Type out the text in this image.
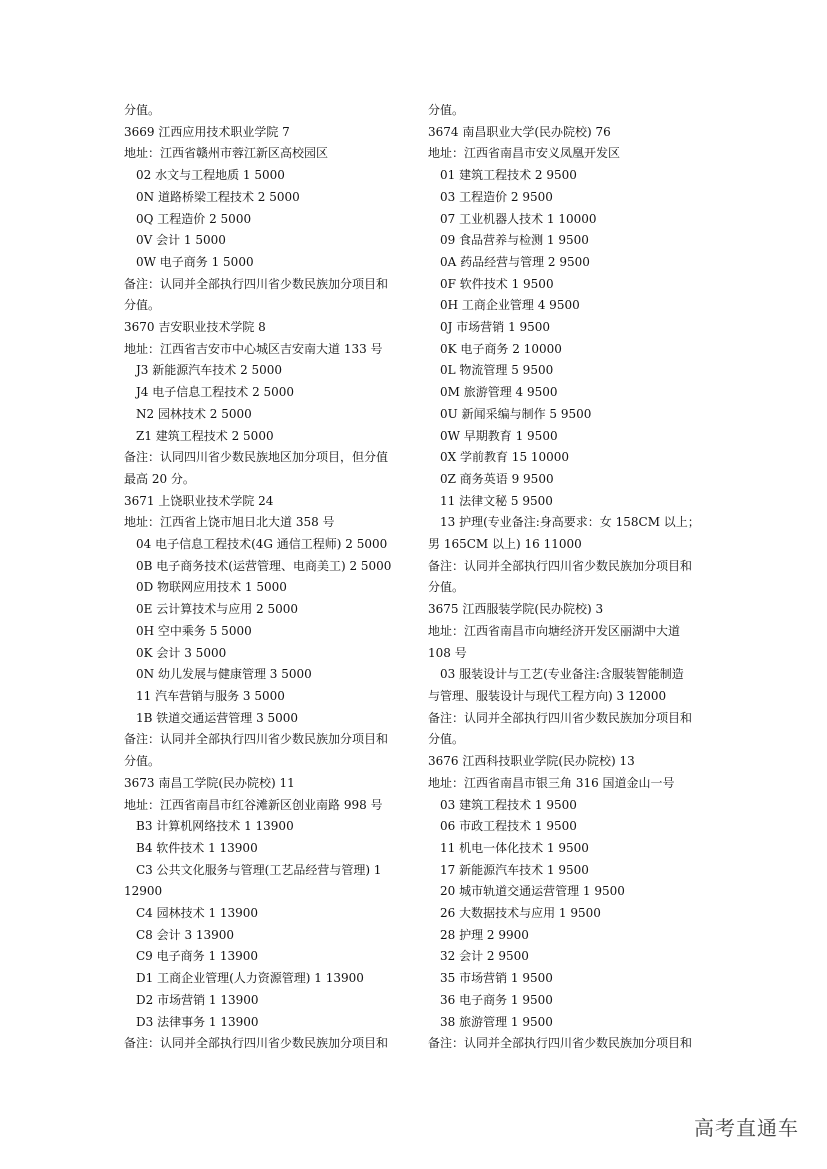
分值。
3669 江西应用技术职业学院 7
地址：江西省赣州市蓉江新区高校园区
02 水文与工程地质 1 5000
0N 道路桥梁工程技术 2 5000
0Q 工程造价 2 5000
0V 会计 1 5000
0W 电子商务 1 5000
备注：认同并全部执行四川省少数民族加分项目和
分值。
3670 吉安职业技术学院 8
地址：江西省吉安市中心城区吉安南大道 133 号
J3 新能源汽车技术 2 5000
J4 电子信息工程技术 2 5000
N2 园林技术 2 5000
Z1 建筑工程技术 2 5000
备注：认同四川省少数民族地区加分项目，但分值
最高 20 分。
3671 上饶职业技术学院 24
地址：江西省上饶市旭日北大道 358 号
04 电子信息工程技术(4G 通信工程师) 2 5000
0B 电子商务技术(运营管理、电商美工) 2 5000
0D 物联网应用技术 1 5000
0E 云计算技术与应用 2 5000
0H 空中乘务 5 5000
0K 会计 3 5000
0N 幼儿发展与健康管理 3 5000
11 汽车营销与服务 3 5000
1B 铁道交通运营管理 3 5000
备注：认同并全部执行四川省少数民族加分项目和
分值。
3673 南昌工学院(民办院校) 11
地址：江西省南昌市红谷滩新区创业南路 998 号
B3 计算机网络技术 1 13900
B4 软件技术 1 13900
C3 公共文化服务与管理(工艺品经营与管理) 1
12900
C4 园林技术 1 13900
C8 会计 3 13900
C9 电子商务 1 13900
D1 工商企业管理(人力资源管理) 1 13900
D2 市场营销 1 13900
D3 法律事务 1 13900
备注：认同并全部执行四川省少数民族加分项目和
分值。
3674 南昌职业大学(民办院校) 76
地址：江西省南昌市安义凤凰开发区
01 建筑工程技术 2 9500
03 工程造价 2 9500
07 工业机器人技术 1 10000
09 食品营养与检测 1 9500
0A 药品经营与管理 2 9500
0F 软件技术 1 9500
0H 工商企业管理 4 9500
0J 市场营销 1 9500
0K 电子商务 2 10000
0L 物流管理 5 9500
0M 旅游管理 4 9500
0U 新闻采编与制作 5 9500
0W 早期教育 1 9500
0X 学前教育 15 10000
0Z 商务英语 9 9500
11 法律文秘 5 9500
13 护理(专业备注:身高要求：女 158CM 以上；
男 165CM 以上) 16 11000
备注：认同并全部执行四川省少数民族加分项目和
分值。
3675 江西服装学院(民办院校) 3
地址：江西省南昌市向塘经济开发区丽湖中大道
108 号
03 服装设计与工艺(专业备注:含服装智能制造
与管理、服装设计与现代工程方向) 3 12000
备注：认同并全部执行四川省少数民族加分项目和
分值。
3676 江西科技职业学院(民办院校) 13
地址：江西省南昌市银三角 316 国道金山一号
03 建筑工程技术 1 9500
06 市政工程技术 1 9500
11 机电一体化技术 1 9500
17 新能源汽车技术 1 9500
20 城市轨道交通运营管理 1 9500
26 大数据技术与应用 1 9500
28 护理 2 9900
32 会计 2 9500
35 市场营销 1 9500
36 电子商务 1 9500
38 旅游管理 1 9500
备注：认同并全部执行四川省少数民族加分项目和
高考直通车
